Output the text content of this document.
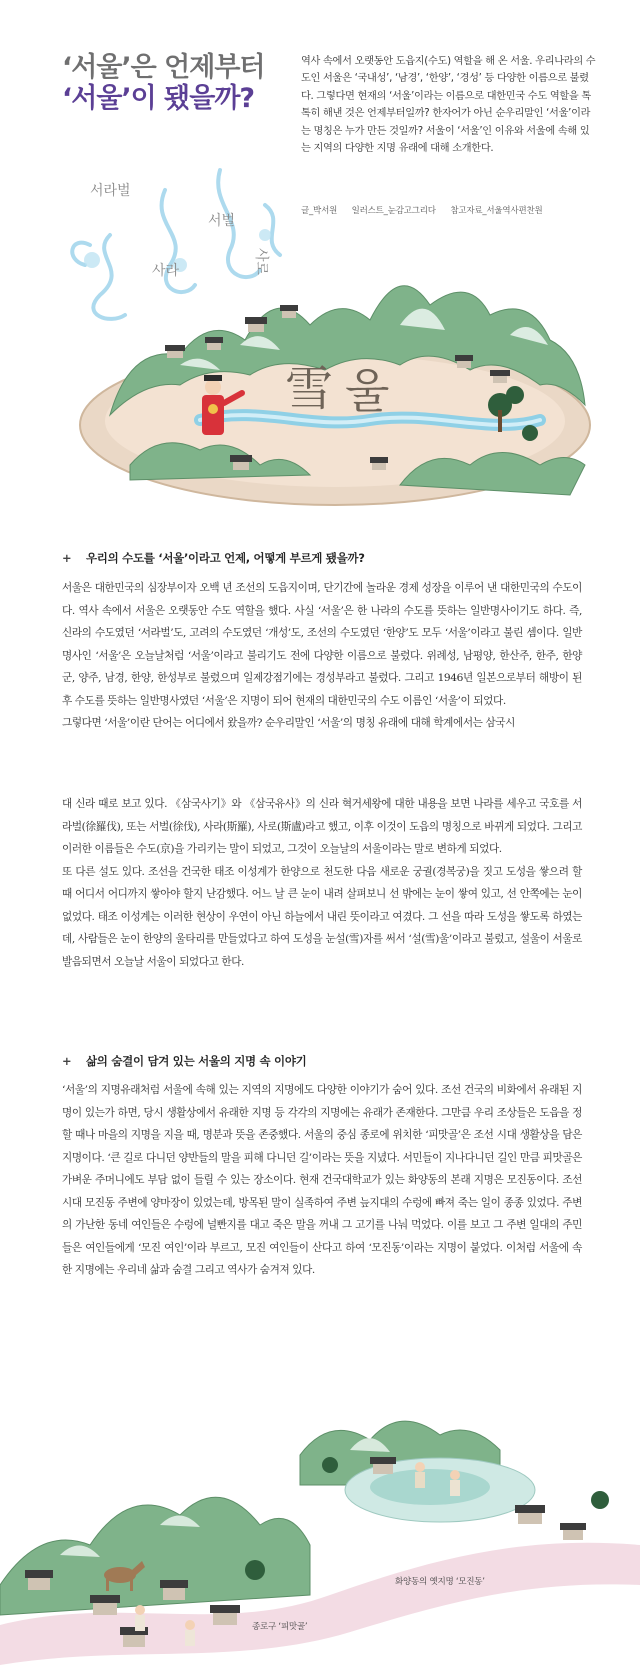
‘서울’은 언제부터
‘서울’이 됐을까?
역사 속에서 오랫동안 도읍지(수도) 역할을 해 온 서울. 우리나라의 수도인 서울은 ‘국내성’, ‘남경’, ‘한양’, ‘경성’ 등 다양한 이름으로 불렸다. 그렇다면 현재의 ‘서울’이라는 이름으로 대한민국 수도 역할을 톡톡히 해낸 것은 언제부터일까? 한자어가 아닌 순우리말인 ‘서울’이라는 명칭은 누가 만든 것일까? 서울이 ‘서울’인 이유와 서울에 속해 있는 지역의 다양한 지명 유래에 대해 소개한다.
글_박서원 일러스트_눈감고그리다 참고자료_서울역사편찬원
서라벌
서벌
사라	사로
雪 울
+ 우리의 수도를 ‘서울’이라고 언제, 어떻게 부르게 됐을까?

서울은 대한민국의 심장부이자 오백 년 조선의 도읍지이며, 단기간에 놀라운 경제 성장을 이루어 낸 대한민국의 수도이다. 역사 속에서 서울은 오랫동안 수도 역할을 했다. 사실 ‘서울’은 한 나라의 수도를 뜻하는 일반명사이기도 하다. 즉, 신라의 수도였던 ‘서라벌’도, 고려의 수도였던 ‘개성’도, 조선의 수도였던 ‘한양’도 모두 ‘서울’이라고 불린 셈이다. 일반명사인 ‘서울’은 오늘날처럼 ‘서울’이라고 불리기도 전에 다양한 이름으로 불렸다. 위례성, 남평양, 한산주, 한주, 한양군, 양주, 남경, 한양, 한성부로 불렸으며 일제강점기에는 경성부라고 불렸다. 그리고 1946년 일본으로부터 해방이 된 후 수도를 뜻하는 일반명사였던 ‘서울’은 지명이 되어 현재의 대한민국의 수도 이름인 ‘서울’이 되었다.

그렇다면 ‘서울’이란 단어는 어디에서 왔을까? 순우리말인 ‘서울’의 명칭 유래에 대해 학계에서는 삼국시

대 신라 때로 보고 있다. 《삼국사기》와 《삼국유사》의 신라 혁거세왕에 대한 내용을 보면 나라를 세우고 국호를 서라벌(徐羅伐), 또는 서벌(徐伐), 사라(斯羅), 사로(斯盧)라고 했고, 이후 이것이 도읍의 명칭으로 바뀌게 되었다. 그리고 이러한 이름들은 수도(京)을 가리키는 말이 되었고, 그것이 오늘날의 서울이라는 말로 변하게 되었다.

또 다른 설도 있다. 조선을 건국한 태조 이성계가 한양으로 천도한 다음 새로운 궁궐(경복궁)을 짓고 도성을 쌓으려 할 때 어디서 어디까지 쌓아야 할지 난감했다. 어느 날 큰 눈이 내려 살펴보니 선 밖에는 눈이 쌓여 있고, 선 안쪽에는 눈이 없었다. 태조 이성계는 이러한 현상이 우연이 아닌 하늘에서 내린 뜻이라고 여겼다. 그 선을 따라 도성을 쌓도록 하였는데, 사람들은 눈이 한양의 울타리를 만들었다고 하여 도성을 눈설(雪)자를 써서 ‘설(雪)울’이라고 불렀고, 설울이 서울로 발음되면서 오늘날 서울이 되었다고 한다.

+ 삶의 숨결이 담겨 있는 서울의 지명 속 이야기

‘서울’의 지명유래처럼 서울에 속해 있는 지역의 지명에도 다양한 이야기가 숨어 있다. 조선 건국의 비화에서 유래된 지명이 있는가 하면, 당시 생활상에서 유래한 지명 등 각각의 지명에는 유래가 존재한다. 그만큼 우리 조상들은 도읍을 정할 때나 마을의 지명을 지을 때, 명분과 뜻을 존중했다. 서울의 중심 종로에 위치한 ‘피맛골’은 조선 시대 생활상을 담은 지명이다. ‘큰 길로 다니던 양반들의 말을 피해 다니던 길’이라는 뜻을 지녔다. 서민들이 지나다니던 길인 만큼 피맛골은 가벼운 주머니에도 부담 없이 들릴 수 있는 장소이다. 현재 건국대학교가 있는 화양동의 본래 지명은 모진동이다. 조선시대 모진동 주변에 양마장이 있었는데, 방목된 말이 실족하여 주변 늪지대의 수렁에 빠져 죽는 일이 종종 있었다. 주변의 가난한 동네 여인들은 수렁에 널빤지를 대고 죽은 말을 꺼내 그 고기를 나눠 먹었다. 이를 보고 그 주변 일대의 주민들은 여인들에게 ‘모진 여인’이라 부르고, 모진 여인들이 산다고 하여 ‘모진동’이라는 지명이 붙었다. 이처럼 서울에 속한 지명에는 우리네 삶과 숨결 그리고 역사가 숨겨져 있다.

화양동의 옛지명 ‘모진동’
종로구 ‘피맛골’
